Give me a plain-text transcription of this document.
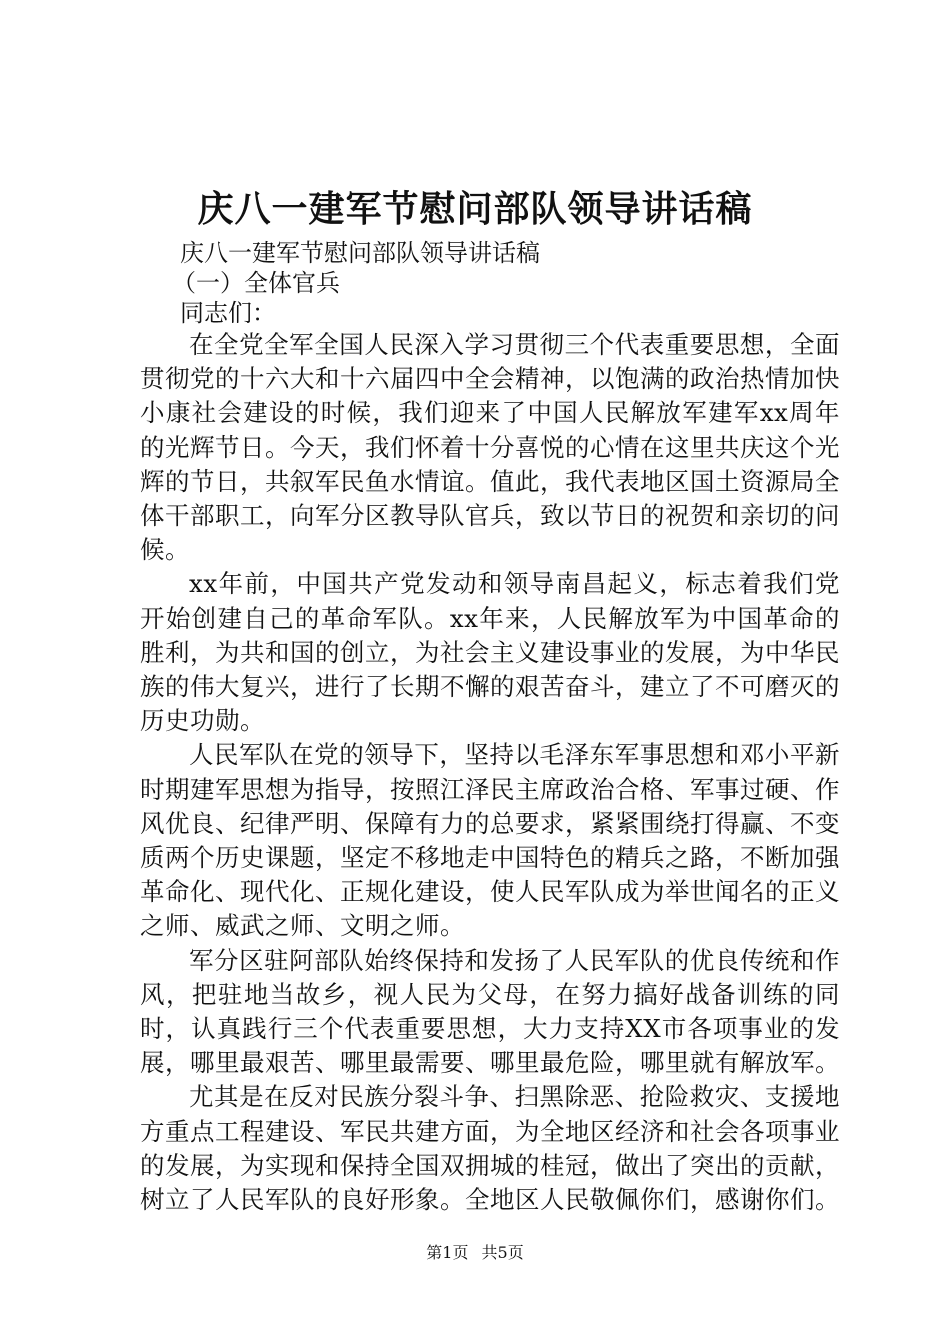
庆八一建军节慰问部队领导讲话稿

庆八一建军节慰问部队领导讲话稿

（一）全体官兵

同志们：

在全党全军全国人民深入学习贯彻三个代表重要思想，全面贯彻党的十六大和十六届四中全会精神，以饱满的政治热情加快小康社会建设的时候，我们迎来了中国人民解放军建军xx周年的光辉节日。今天，我们怀着十分喜悦的心情在这里共庆这个光辉的节日，共叙军民鱼水情谊。值此，我代表地区国土资源局全体干部职工，向军分区教导队官兵，致以节日的祝贺和亲切的问候。

xx年前，中国共产党发动和领导南昌起义，标志着我们党开始创建自己的革命军队。xx年来，人民解放军为中国革命的胜利，为共和国的创立，为社会主义建设事业的发展，为中华民族的伟大复兴，进行了长期不懈的艰苦奋斗，建立了不可磨灭的历史功勋。

人民军队在党的领导下，坚持以毛泽东军事思想和邓小平新时期建军思想为指导，按照江泽民主席政治合格、军事过硬、作风优良、纪律严明、保障有力的总要求，紧紧围绕打得赢、不变质两个历史课题，坚定不移地走中国特色的精兵之路，不断加强革命化、现代化、正规化建设，使人民军队成为举世闻名的正义之师、威武之师、文明之师。

军分区驻阿部队始终保持和发扬了人民军队的优良传统和作风，把驻地当故乡，视人民为父母，在努力搞好战备训练的同时，认真践行三个代表重要思想，大力支持XX市各项事业的发展，哪里最艰苦、哪里最需要、哪里最危险，哪里就有解放军。

尤其是在反对民族分裂斗争、扫黑除恶、抢险救灾、支援地方重点工程建设、军民共建方面，为全地区经济和社会各项事业的发展，为实现和保持全国双拥城的桂冠，做出了突出的贡献，树立了人民军队的良好形象。全地区人民敬佩你们，感谢你们。

第1页 共5页
